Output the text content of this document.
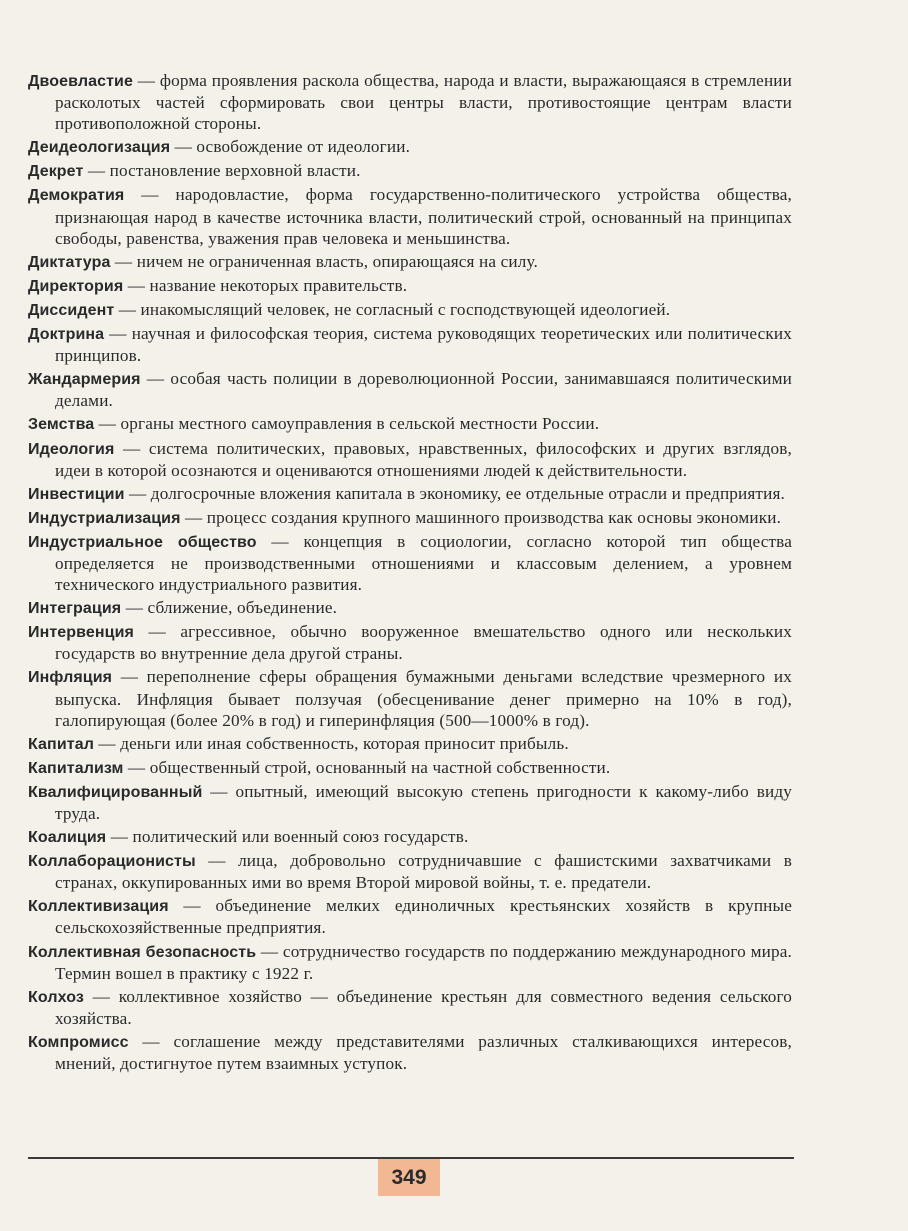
Двоевластие — форма проявления раскола общества, народа и власти, выражающаяся в стремлении расколотых частей сформировать свои центры власти, противостоящие центрам власти противоположной стороны.

Деидеологизация — освобождение от идеологии.

Декрет — постановление верховной власти.

Демократия — народовластие, форма государственно-политического устройства общества, признающая народ в качестве источника власти, политический строй, основанный на принципах свободы, равенства, уважения прав человека и меньшинства.

Диктатура — ничем не ограниченная власть, опирающаяся на силу.

Директория — название некоторых правительств.

Диссидент — инакомыслящий человек, не согласный с господствующей идеологией.

Доктрина — научная и философская теория, система руководящих теоретических или политических принципов.

Жандармерия — особая часть полиции в дореволюционной России, занимавшаяся политическими делами.

Земства — органы местного самоуправления в сельской местности России.

Идеология — система политических, правовых, нравственных, философских и других взглядов, идеи в которой осознаются и оцениваются отношениями людей к действительности.

Инвестиции — долгосрочные вложения капитала в экономику, ее отдельные отрасли и предприятия.

Индустриализация — процесс создания крупного машинного производства как основы экономики.

Индустриальное общество — концепция в социологии, согласно которой тип общества определяется не производственными отношениями и классовым делением, а уровнем технического индустриального развития.

Интеграция — сближение, объединение.

Интервенция — агрессивное, обычно вооруженное вмешательство одного или нескольких государств во внутренние дела другой страны.

Инфляция — переполнение сферы обращения бумажными деньгами вследствие чрезмерного их выпуска. Инфляция бывает ползучая (обесценивание денег примерно на 10% в год), галопирующая (более 20% в год) и гиперинфляция (500—1000% в год).

Капитал — деньги или иная собственность, которая приносит прибыль.

Капитализм — общественный строй, основанный на частной собственности.

Квалифицированный — опытный, имеющий высокую степень пригодности к какому-либо виду труда.

Коалиция — политический или военный союз государств.

Коллаборационисты — лица, добровольно сотрудничавшие с фашистскими захватчиками в странах, оккупированных ими во время Второй мировой войны, т. е. предатели.

Коллективизация — объединение мелких единоличных крестьянских хозяйств в крупные сельскохозяйственные предприятия.

Коллективная безопасность — сотрудничество государств по поддержанию международного мира. Термин вошел в практику с 1922 г.

Колхоз — коллективное хозяйство — объединение крестьян для совместного ведения сельского хозяйства.

Компромисс — соглашение между представителями различных сталкивающихся интересов, мнений, достигнутое путем взаимных уступок.

349
